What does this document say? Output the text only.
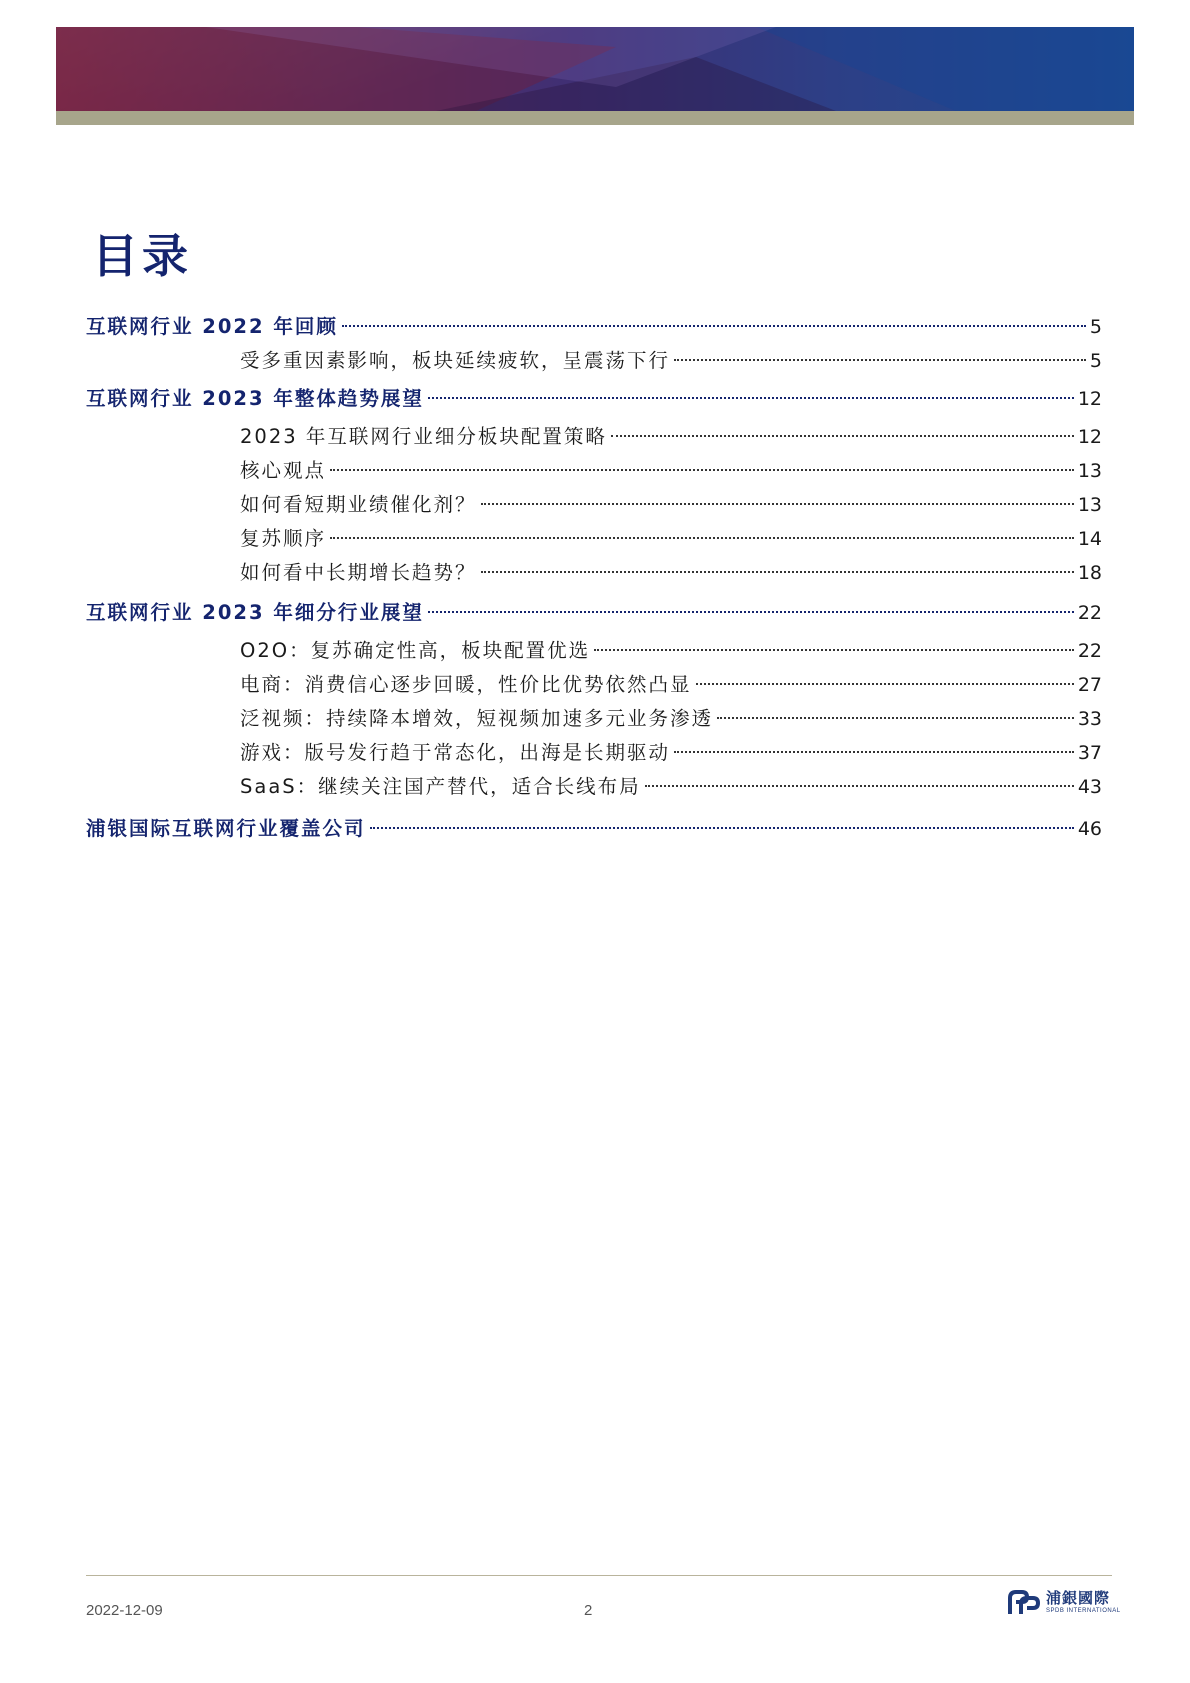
目录
互联网行业 2022 年回顾	5
受多重因素影响，板块延续疲软，呈震荡下行	5
互联网行业 2023 年整体趋势展望	12
2023 年互联网行业细分板块配置策略	12
核心观点	13
如何看短期业绩催化剂？	13
复苏顺序	14
如何看中长期增长趋势？	18
互联网行业 2023 年细分行业展望	22
O2O：复苏确定性高，板块配置优选	22
电商：消费信心逐步回暖，性价比优势依然凸显	27
泛视频：持续降本增效，短视频加速多元业务渗透	33
游戏：版号发行趋于常态化，出海是长期驱动	37
SaaS：继续关注国产替代，适合长线布局	43
浦银国际互联网行业覆盖公司	46
2022-12-09	2
浦銀國際
SPDB INTERNATIONAL
